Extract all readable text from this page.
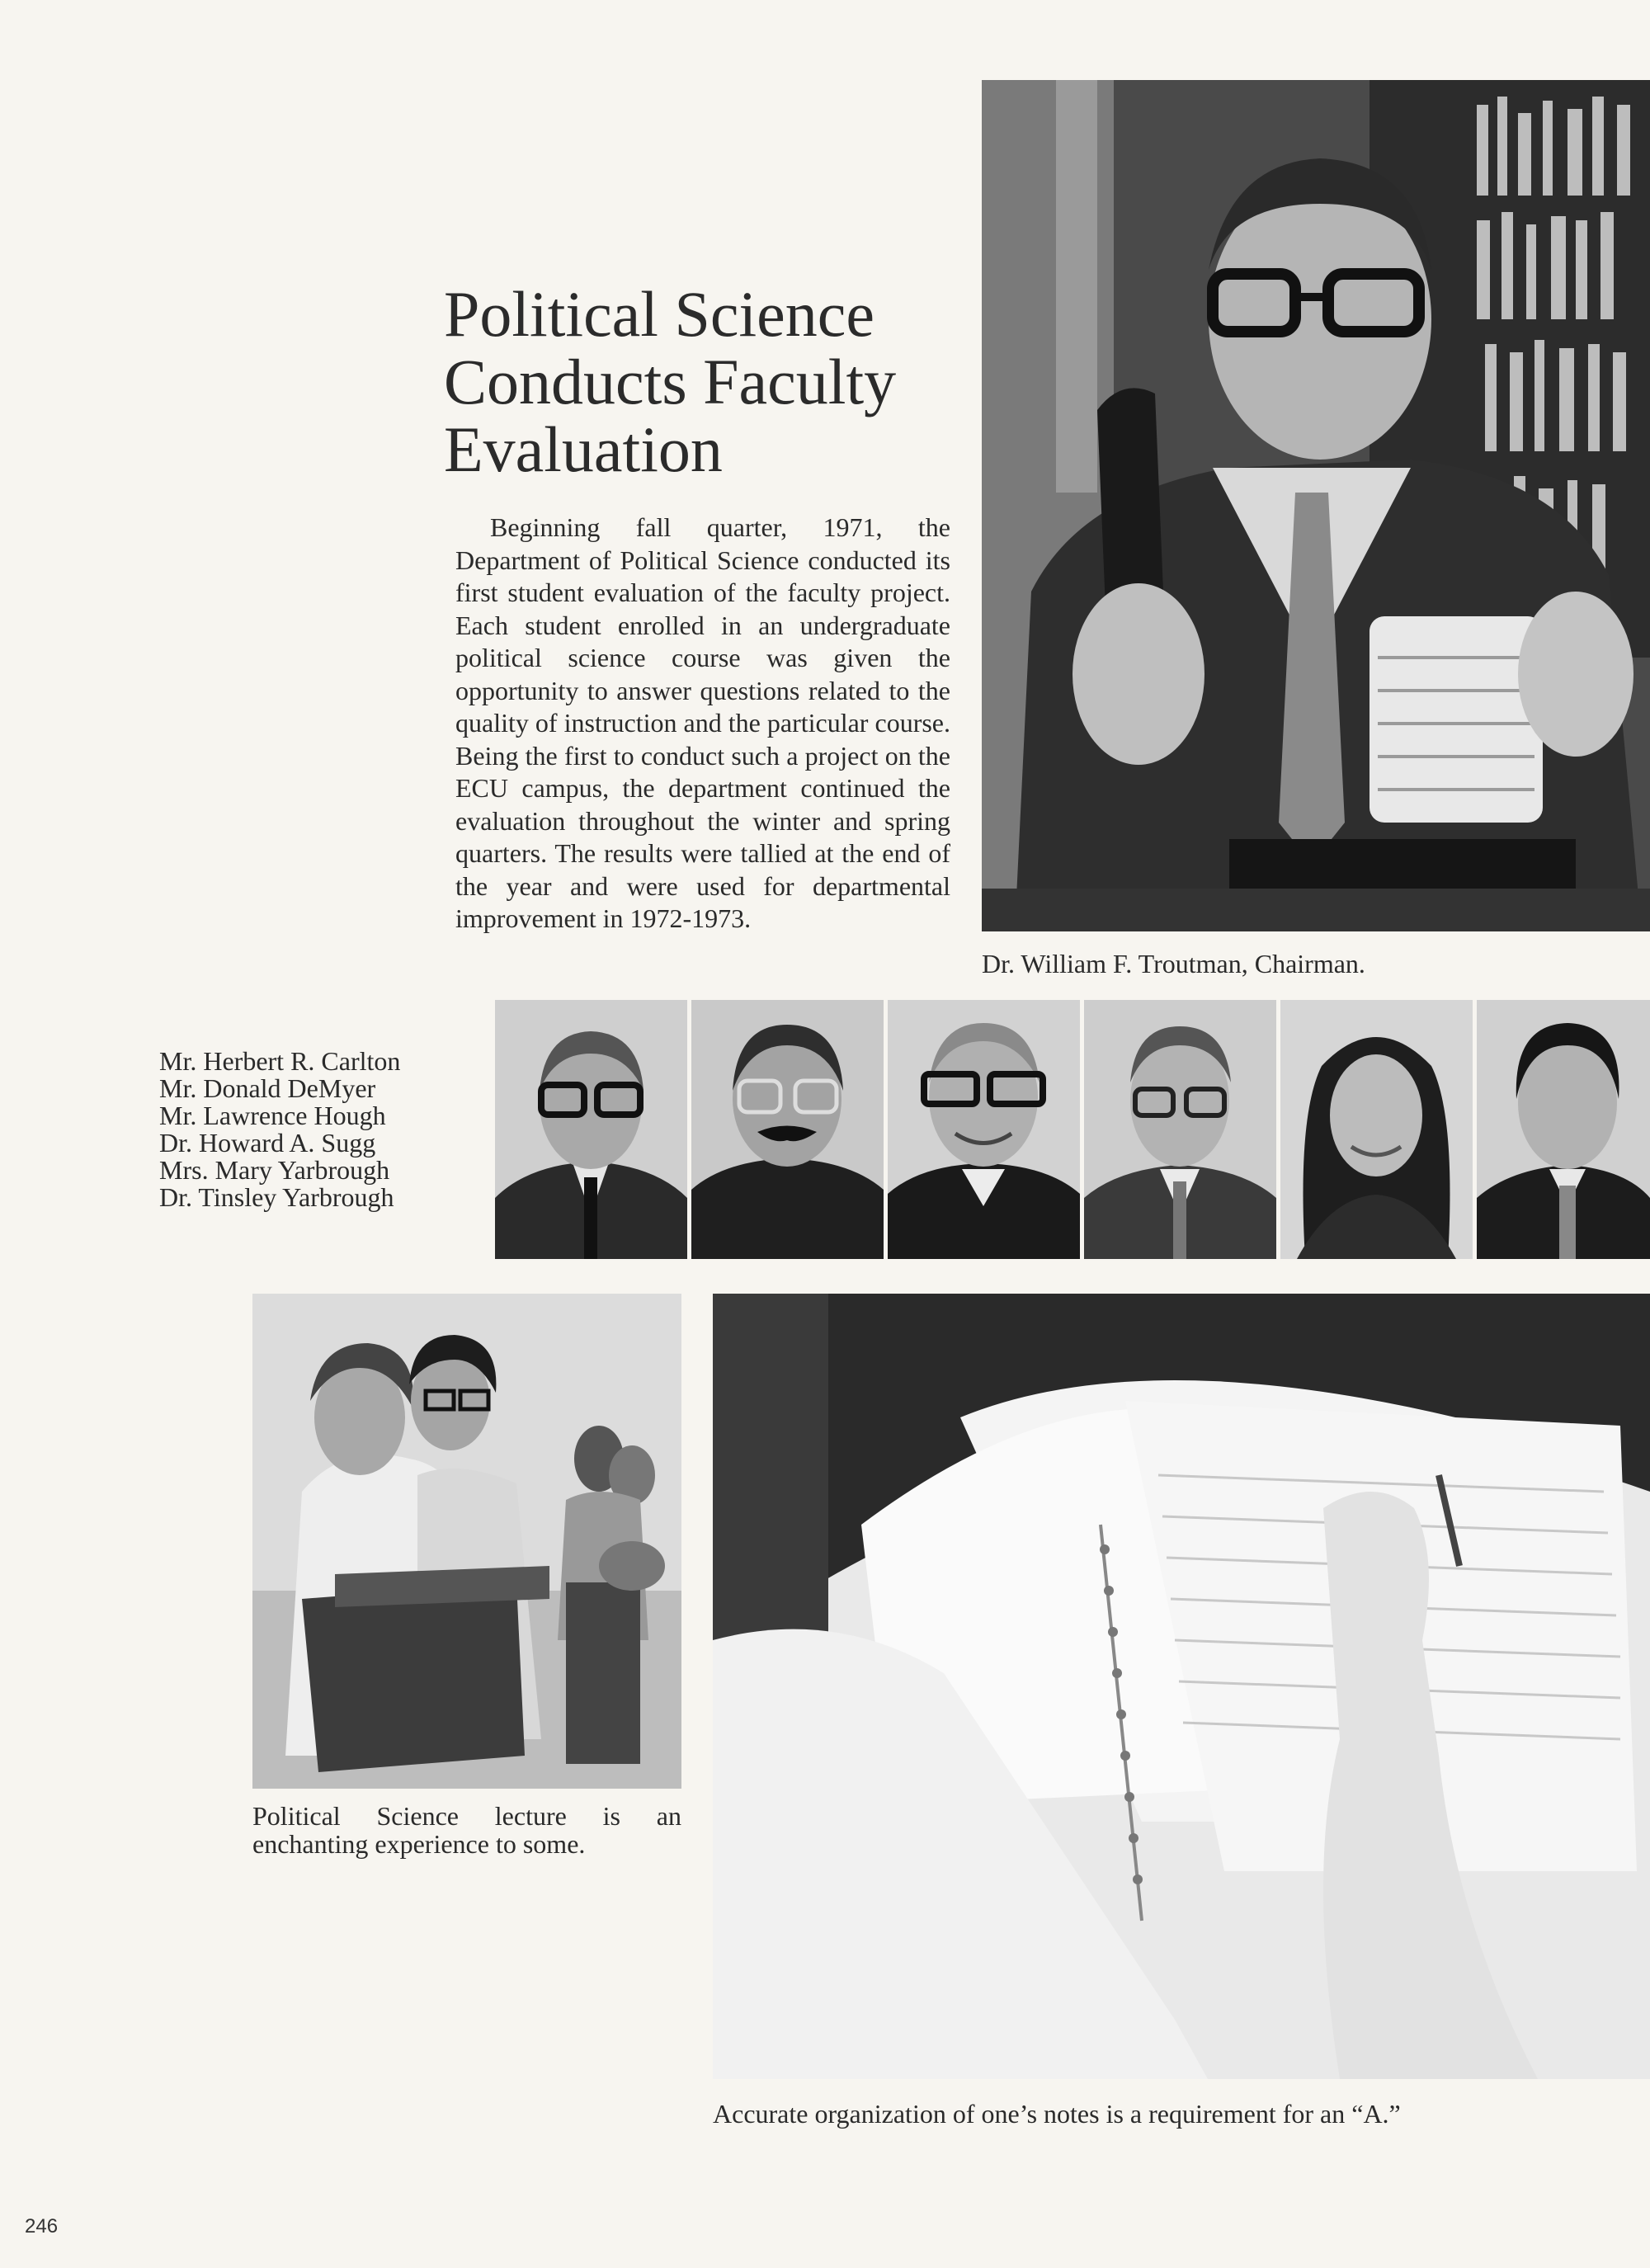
Political Science
Conducts Faculty
Evaluation
Beginning fall quarter, 1971, the Department of Political Science conducted its first student evaluation of the faculty project. Each student enrolled in an undergraduate political science course was given the opportunity to answer questions related to the quality of instruction and the particular course. Being the first to conduct such a project on the ECU campus, the department continued the evaluation throughout the winter and spring quarters. The results were tallied at the end of the year and were used for departmental improvement in 1972-1973.
Dr. William F. Troutman, Chairman.
Mr. Herbert R. Carlton
Mr. Donald DeMyer
Mr. Lawrence Hough
Dr. Howard A. Sugg
Mrs. Mary Yarbrough
Dr. Tinsley Yarbrough
Political Science lecture is an enchanting experience to some.
Accurate organization of one’s notes is a requirement for an “A.”
246
